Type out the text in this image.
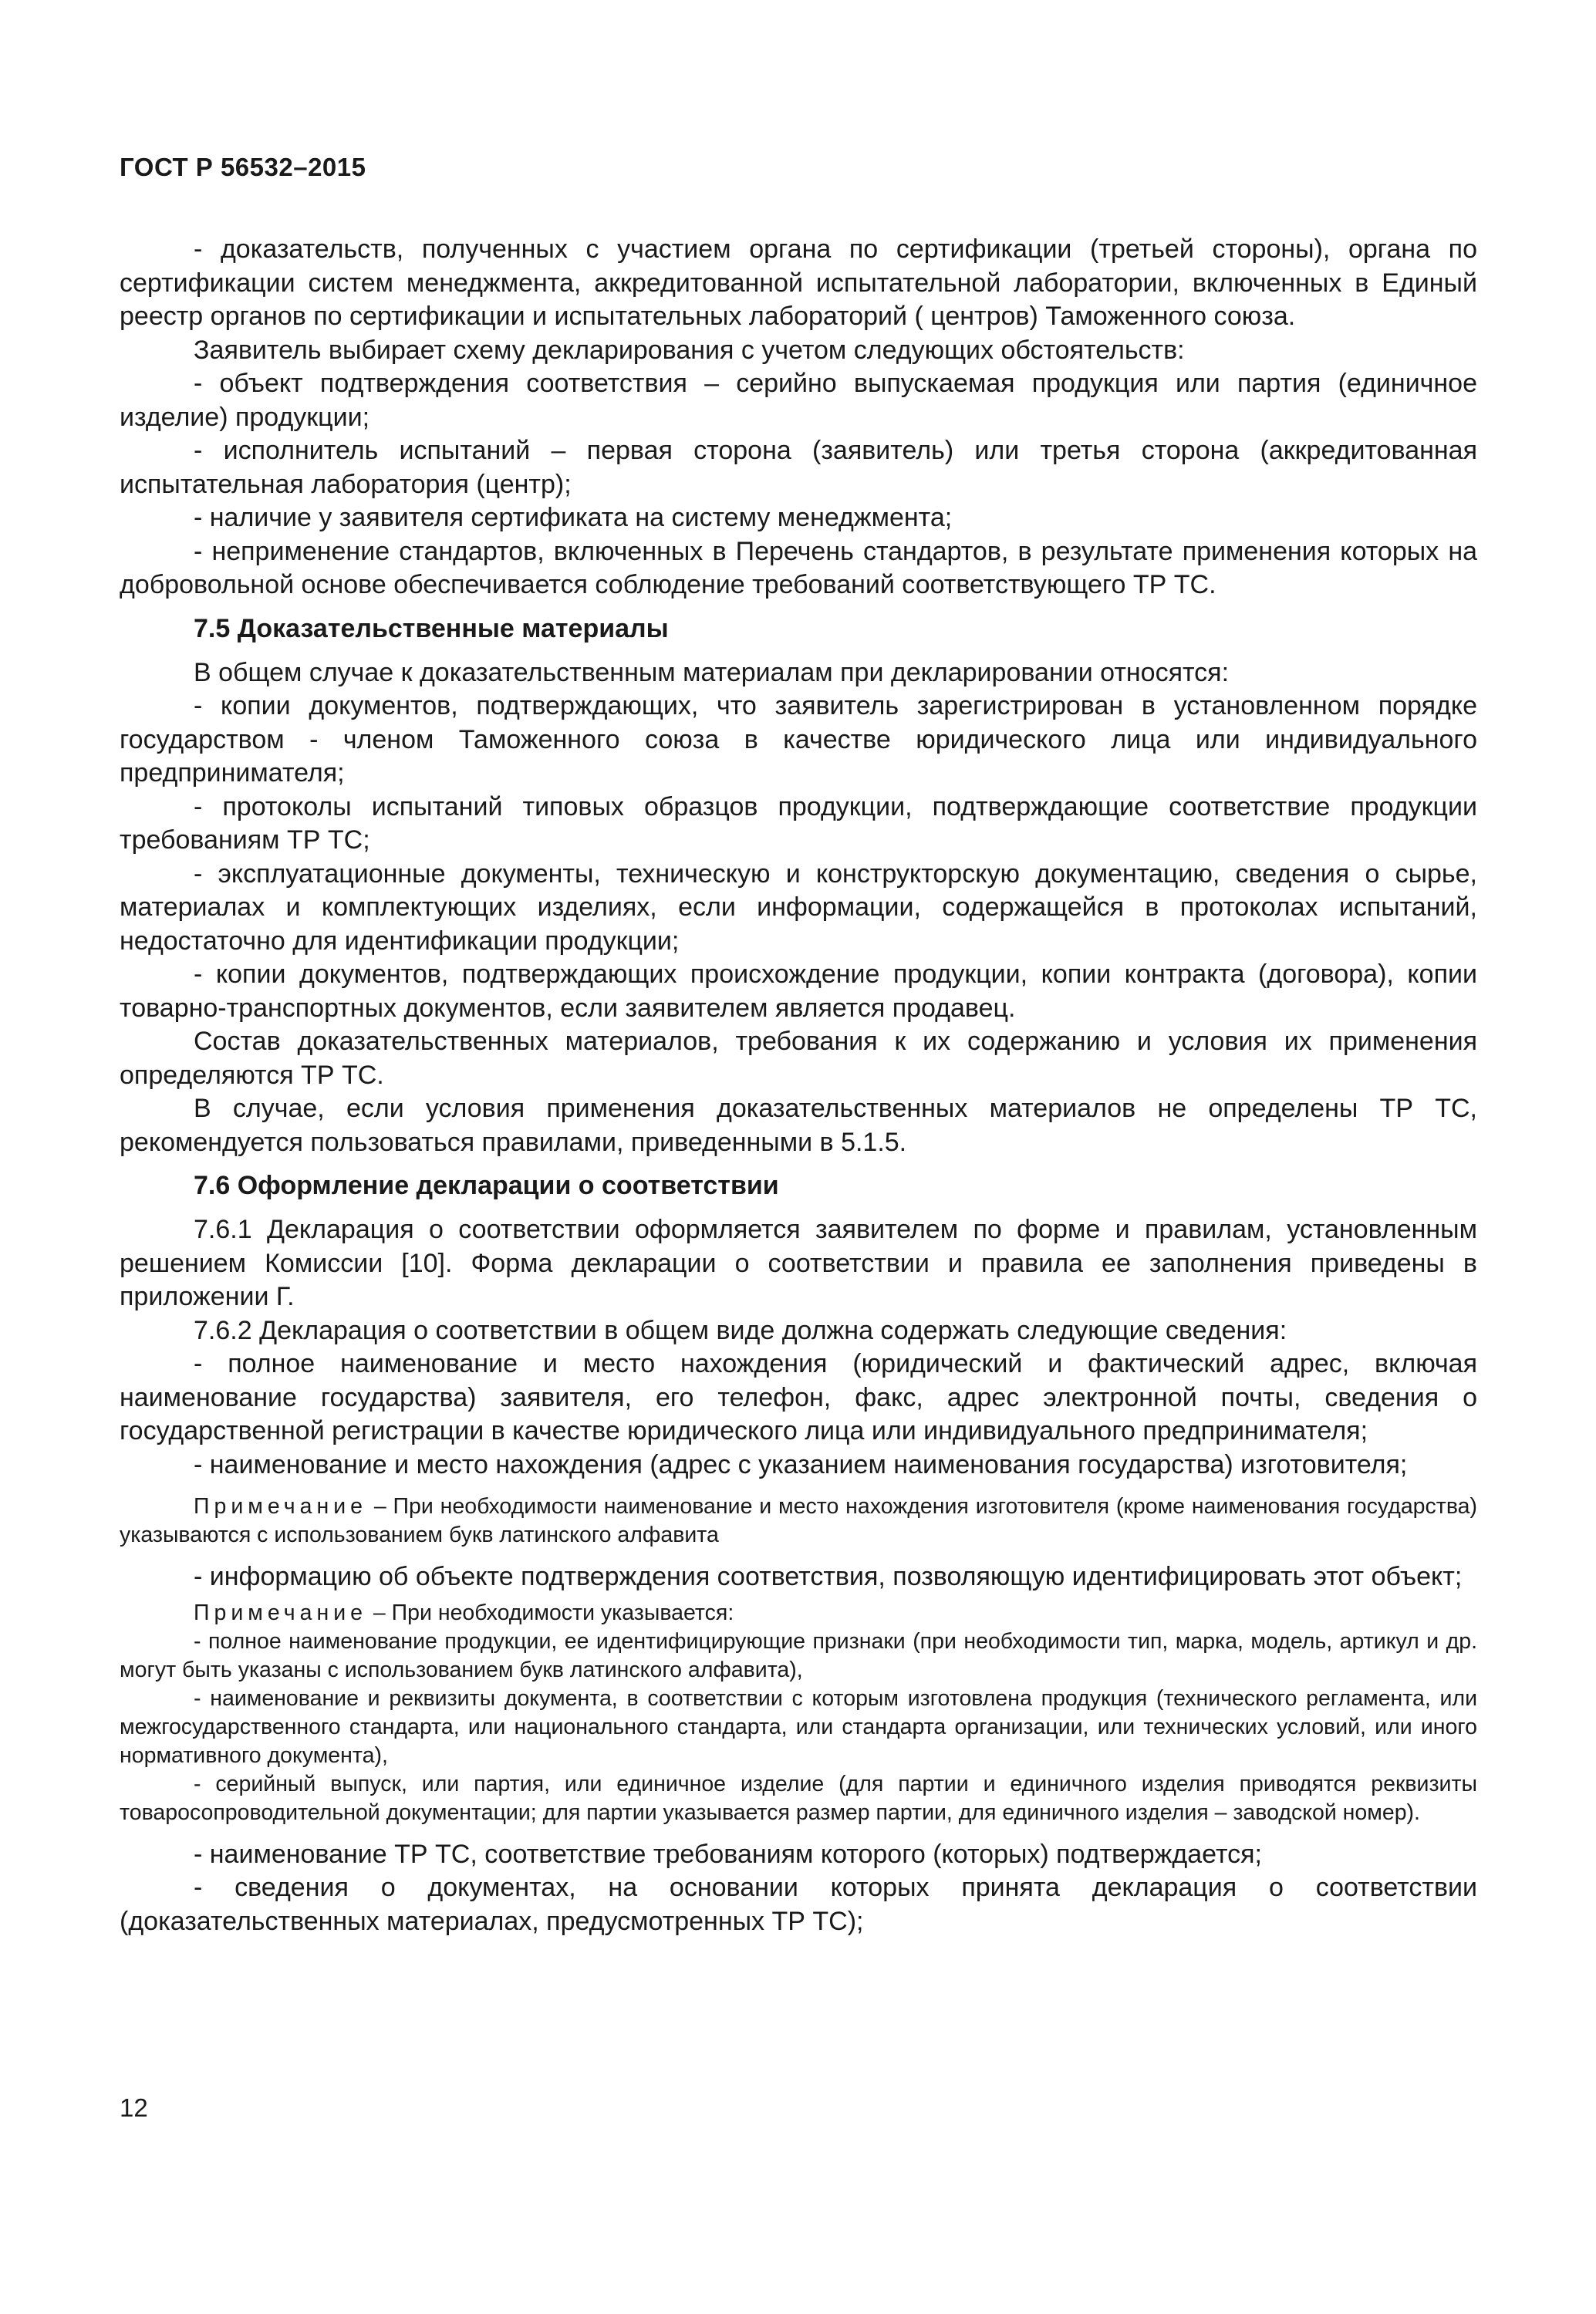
ГОСТ Р 56532–2015

- доказательств, полученных с участием органа по сертификации (третьей стороны), органа по сертификации систем менеджмента, аккредитованной испытательной лаборатории, включенных в Единый реестр органов по сертификации и испытательных лабораторий ( центров) Таможенного союза.

Заявитель выбирает схему декларирования с учетом следующих обстоятельств:

- объект подтверждения соответствия – серийно выпускаемая продукция или партия (единичное изделие) продукции;

- исполнитель испытаний – первая сторона (заявитель) или третья сторона (аккредитованная испытательная лаборатория (центр);

- наличие у заявителя сертификата на систему менеджмента;

- неприменение стандартов, включенных в Перечень стандартов, в результате применения которых на добровольной основе обеспечивается соблюдение требований соответствующего ТР ТС.

7.5 Доказательственные материалы

В общем случае к доказательственным материалам при декларировании относятся:

- копии документов, подтверждающих, что заявитель зарегистрирован в установленном порядке государством - членом Таможенного союза в качестве юридического лица или индивидуального предпринимателя;

- протоколы испытаний типовых образцов продукции, подтверждающие соответствие продукции требованиям ТР ТС;

- эксплуатационные документы, техническую и конструкторскую документацию, сведения о сырье, материалах и комплектующих изделиях, если информации, содержащейся в протоколах испытаний, недостаточно для идентификации продукции;

- копии документов, подтверждающих происхождение продукции, копии контракта (договора), копии товарно-транспортных документов, если заявителем является продавец.

Состав доказательственных материалов, требования к их содержанию и условия их применения определяются ТР ТС.

В случае, если условия применения доказательственных материалов не определены ТР ТС, рекомендуется пользоваться правилами, приведенными в 5.1.5.

7.6 Оформление декларации о соответствии

7.6.1 Декларация о соответствии оформляется заявителем по форме и правилам, установленным решением Комиссии [10]. Форма декларации о соответствии и правила ее заполнения приведены в приложении Г.

7.6.2 Декларация о соответствии в общем виде должна содержать следующие сведения:

- полное наименование и место нахождения (юридический и фактический адрес, включая наименование государства) заявителя, его телефон, факс, адрес электронной почты, сведения о государственной регистрации в качестве юридического лица или индивидуального предпринимателя;

- наименование и место нахождения (адрес с указанием наименования государства) изготовителя;

Примечание – При необходимости наименование и место нахождения изготовителя (кроме наименования государства) указываются с использованием букв латинского алфавита

- информацию об объекте подтверждения соответствия, позволяющую идентифицировать этот объект;

Примечание – При необходимости указывается:
- полное наименование продукции, ее идентифицирующие признаки (при необходимости тип, марка, модель, артикул и др. могут быть указаны с использованием букв латинского алфавита),
- наименование и реквизиты документа, в соответствии с которым изготовлена продукция (технического регламента, или межгосударственного стандарта, или национального стандарта, или стандарта организации, или технических условий, или иного нормативного документа),
- серийный выпуск, или партия, или единичное изделие (для партии и единичного изделия приводятся реквизиты товаросопроводительной документации; для партии указывается размер партии, для единичного изделия – заводской номер).

- наименование ТР ТС, соответствие требованиям которого (которых) подтверждается;

- сведения о документах, на основании которых принята декларация о соответствии (доказательственных материалах, предусмотренных ТР ТС);

12
